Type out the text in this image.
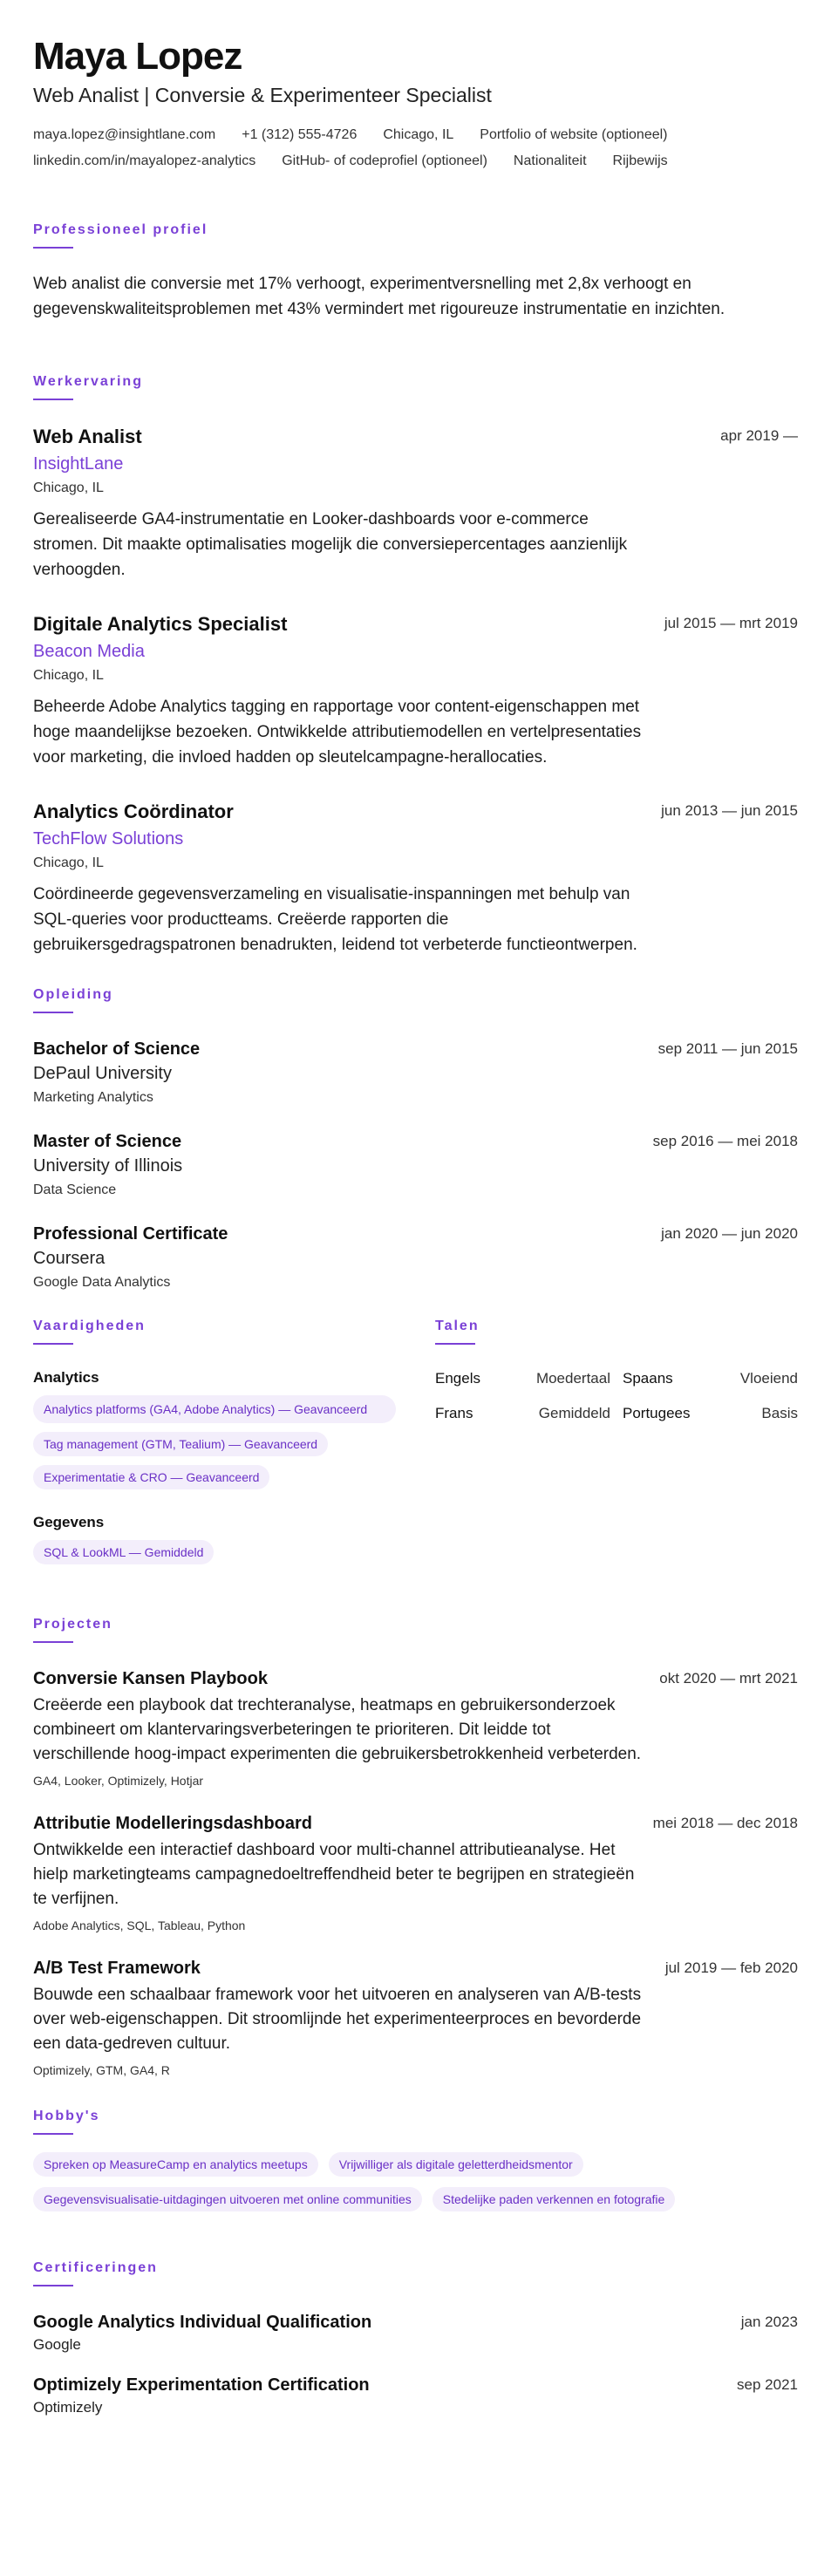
Maya Lopez
Web Analist | Conversie & Experimenteer Specialist
maya.lopez@insightlane.com +1 (312) 555-4726 Chicago, IL Portfolio of website (optioneel)
linkedin.com/in/mayalopez-analytics GitHub- of codeprofiel (optioneel) Nationaliteit Rijbewijs
Professioneel profiel

Web analist die conversie met 17% verhoogt, experimentversnelling met 2,8x verhoogt en gegevenskwaliteitsproblemen met 43% vermindert met rigoureuze instrumentatie en inzichten.

Werkervaring
Web Analist	apr 2019 —
InsightLane
Chicago, IL

Gerealiseerde GA4-instrumentatie en Looker-dashboards voor e-commerce stromen. Dit maakte optimalisaties mogelijk die conversiepercentages aanzienlijk verhoogden.

Digitale Analytics Specialist	jul 2015 — mrt 2019
Beacon Media
Chicago, IL

Beheerde Adobe Analytics tagging en rapportage voor content-eigenschappen met hoge maandelijkse bezoeken. Ontwikkelde attributiemodellen en vertelpresentaties voor marketing, die invloed hadden op sleutelcampagne-herallocaties.

Analytics Coördinator	jun 2013 — jun 2015
TechFlow Solutions
Chicago, IL

Coördineerde gegevensverzameling en visualisatie-inspanningen met behulp van SQL-queries voor productteams. Creëerde rapporten die gebruikersgedragspatronen benadrukten, leidend tot verbeterde functieontwerpen.

Opleiding
Bachelor of Science	sep 2011 — jun 2015
DePaul University
Marketing Analytics
Master of Science	sep 2016 — mei 2018
University of Illinois
Data Science
Professional Certificate	jan 2020 — jun 2020
Coursera
Google Data Analytics
Vaardigheden
Analytics
Analytics platforms (GA4, Adobe Analytics) — Geavanceerd
Tag management (GTM, Tealium) — Geavanceerd
Experimentatie & CRO — Geavanceerd
Gegevens
SQL & LookML — Gemiddeld
Talen
Engels	Moedertaal Spaans	Vloeiend
Frans	Gemiddeld Portugees	Basis
Projecten
Conversie Kansen Playbook	okt 2020 — mrt 2021

Creëerde een playbook dat trechteranalyse, heatmaps en gebruikersonderzoek combineert om klantervaringsverbeteringen te prioriteren. Dit leidde tot verschillende hoog-impact experimenten die gebruikersbetrokkenheid verbeterden.

GA4, Looker, Optimizely, Hotjar
Attributie Modelleringsdashboard	mei 2018 — dec 2018

Ontwikkelde een interactief dashboard voor multi-channel attributieanalyse. Het hielp marketingteams campagnedoeltreffendheid beter te begrijpen en strategieën te verfijnen.

Adobe Analytics, SQL, Tableau, Python
A/B Test Framework	jul 2019 — feb 2020

Bouwde een schaalbaar framework voor het uitvoeren en analyseren van A/B-tests over web-eigenschappen. Dit stroomlijnde het experimenteerproces en bevorderde een data-gedreven cultuur.

Optimizely, GTM, GA4, R
Hobby's
Spreken op MeasureCamp en analytics meetups	Vrijwilliger als digitale geletterdheidsmentor
Gegevensvisualisatie-uitdagingen uitvoeren met online communities	Stedelijke paden verkennen en fotografie
Certificeringen
Google Analytics Individual Qualification	jan 2023
Google
Optimizely Experimentation Certification	sep 2021
Optimizely
